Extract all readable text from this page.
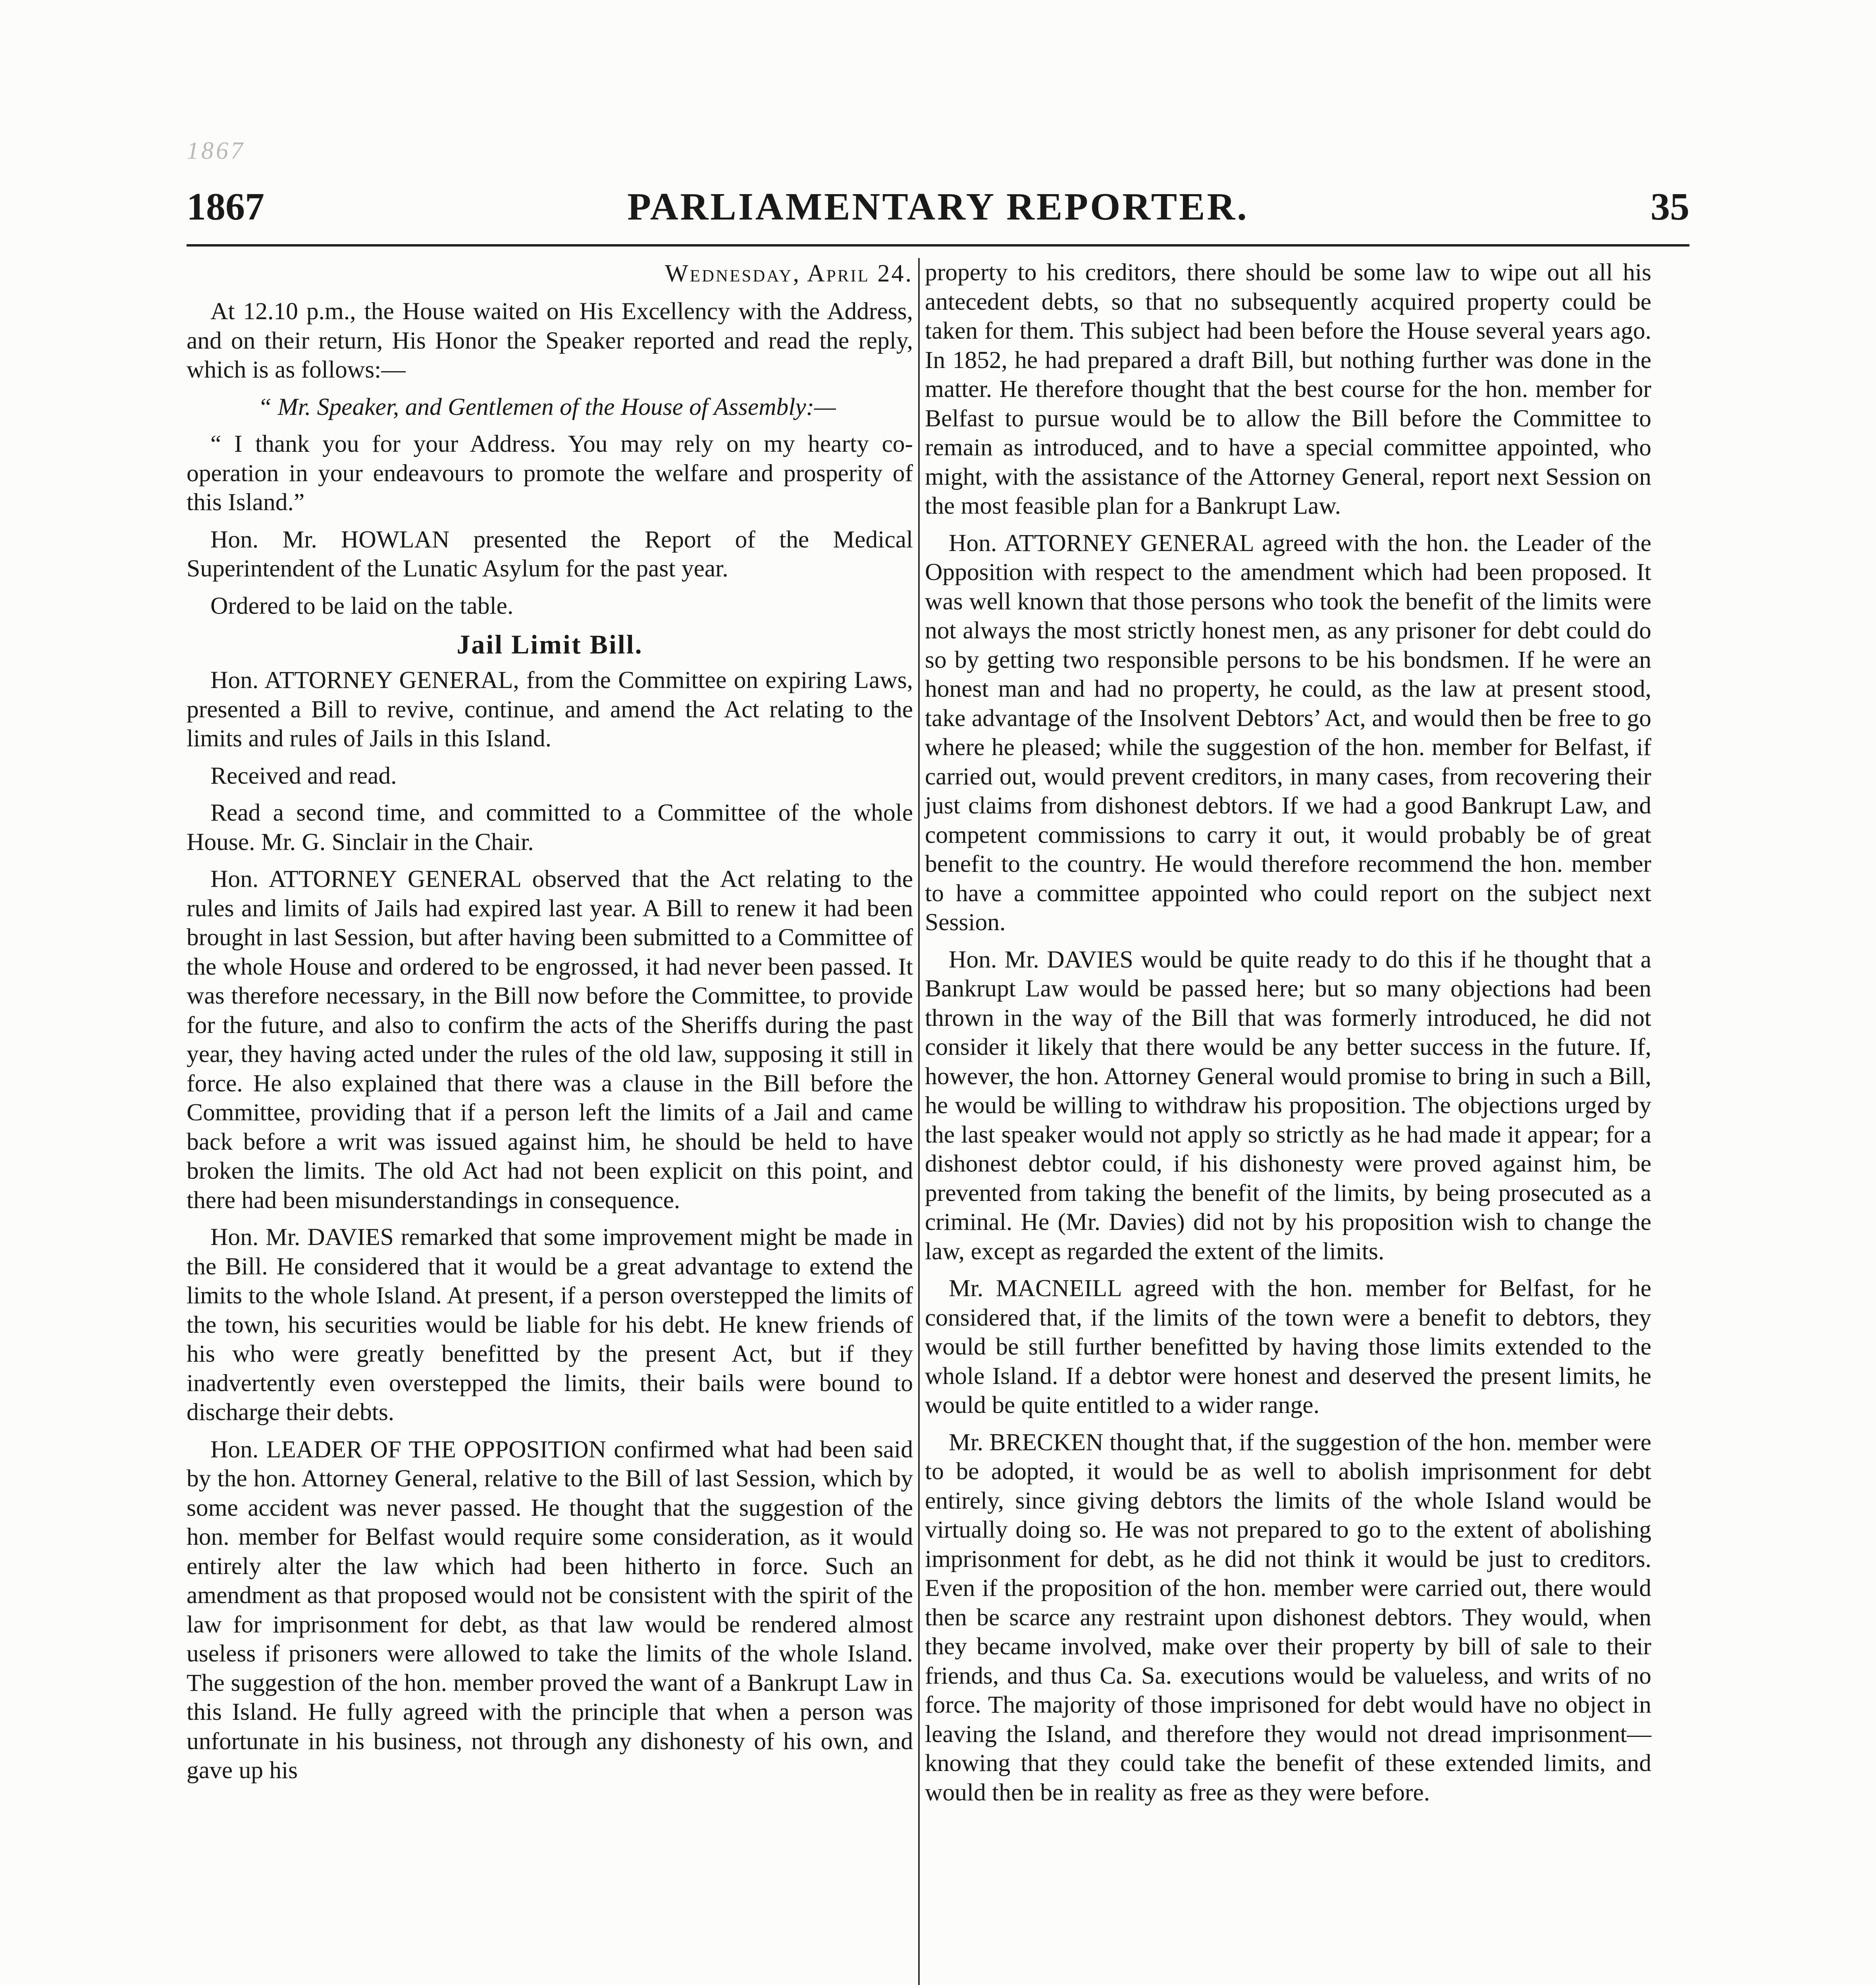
1867
1867	PARLIAMENTARY REPORTER.	35

Wednesday, April 24.

At 12.10 p.m., the House waited on His Excellency with the Address, and on their return, His Honor the Speaker reported and read the reply, which is as follows:—

“ Mr. Speaker, and Gentlemen of the House of Assembly:—

“ I thank you for your Address. You may rely on my hearty co-operation in your endeavours to promote the welfare and prosperity of this Island.”

Hon. Mr. HOWLAN presented the Report of the Medical Superintendent of the Lunatic Asylum for the past year.

Ordered to be laid on the table.

Jail Limit Bill.

Hon. ATTORNEY GENERAL, from the Committee on expiring Laws, presented a Bill to revive, continue, and amend the Act relating to the limits and rules of Jails in this Island.

Received and read.

Read a second time, and committed to a Committee of the whole House. Mr. G. Sinclair in the Chair.

Hon. ATTORNEY GENERAL observed that the Act relating to the rules and limits of Jails had expired last year. A Bill to renew it had been brought in last Session, but after having been submitted to a Committee of the whole House and ordered to be engrossed, it had never been passed. It was therefore necessary, in the Bill now before the Committee, to provide for the future, and also to confirm the acts of the Sheriffs during the past year, they having acted under the rules of the old law, supposing it still in force. He also explained that there was a clause in the Bill before the Committee, providing that if a person left the limits of a Jail and came back before a writ was issued against him, he should be held to have broken the limits. The old Act had not been explicit on this point, and there had been misunderstandings in consequence.

Hon. Mr. DAVIES remarked that some improvement might be made in the Bill. He considered that it would be a great advantage to extend the limits to the whole Island. At present, if a person overstepped the limits of the town, his securities would be liable for his debt. He knew friends of his who were greatly benefitted by the present Act, but if they inadvertently even overstepped the limits, their bails were bound to discharge their debts.

Hon. LEADER OF THE OPPOSITION confirmed what had been said by the hon. Attorney General, relative to the Bill of last Session, which by some accident was never passed. He thought that the suggestion of the hon. member for Belfast would require some consideration, as it would entirely alter the law which had been hitherto in force. Such an amendment as that proposed would not be consistent with the spirit of the law for imprisonment for debt, as that law would be rendered almost useless if prisoners were allowed to take the limits of the whole Island. The suggestion of the hon. member proved the want of a Bankrupt Law in this Island. He fully agreed with the principle that when a person was unfortunate in his business, not through any dishonesty of his own, and gave up his

property to his creditors, there should be some law to wipe out all his antecedent debts, so that no subsequently acquired property could be taken for them. This subject had been before the House several years ago. In 1852, he had prepared a draft Bill, but nothing further was done in the matter. He therefore thought that the best course for the hon. member for Belfast to pursue would be to allow the Bill before the Committee to remain as introduced, and to have a special committee appointed, who might, with the assistance of the Attorney General, report next Session on the most feasible plan for a Bankrupt Law.

Hon. ATTORNEY GENERAL agreed with the hon. the Leader of the Opposition with respect to the amendment which had been proposed. It was well known that those persons who took the benefit of the limits were not always the most strictly honest men, as any prisoner for debt could do so by getting two responsible persons to be his bondsmen. If he were an honest man and had no property, he could, as the law at present stood, take advantage of the Insolvent Debtors’ Act, and would then be free to go where he pleased; while the suggestion of the hon. member for Belfast, if carried out, would prevent creditors, in many cases, from recovering their just claims from dishonest debtors. If we had a good Bankrupt Law, and competent commissions to carry it out, it would probably be of great benefit to the country. He would therefore recommend the hon. member to have a committee appointed who could report on the subject next Session.

Hon. Mr. DAVIES would be quite ready to do this if he thought that a Bankrupt Law would be passed here; but so many objections had been thrown in the way of the Bill that was formerly introduced, he did not consider it likely that there would be any better success in the future. If, however, the hon. Attorney General would promise to bring in such a Bill, he would be willing to withdraw his proposition. The objections urged by the last speaker would not apply so strictly as he had made it appear; for a dishonest debtor could, if his dishonesty were proved against him, be prevented from taking the benefit of the limits, by being prosecuted as a criminal. He (Mr. Davies) did not by his proposition wish to change the law, except as regarded the extent of the limits.

Mr. MACNEILL agreed with the hon. member for Belfast, for he considered that, if the limits of the town were a benefit to debtors, they would be still further benefitted by having those limits extended to the whole Island. If a debtor were honest and deserved the present limits, he would be quite entitled to a wider range.

Mr. BRECKEN thought that, if the suggestion of the hon. member were to be adopted, it would be as well to abolish imprisonment for debt entirely, since giving debtors the limits of the whole Island would be virtually doing so. He was not prepared to go to the extent of abolishing imprisonment for debt, as he did not think it would be just to creditors. Even if the proposition of the hon. member were carried out, there would then be scarce any restraint upon dishonest debtors. They would, when they became involved, make over their property by bill of sale to their friends, and thus Ca. Sa. executions would be valueless, and writs of no force. The majority of those imprisoned for debt would have no object in leaving the Island, and therefore they would not dread imprisonment—knowing that they could take the benefit of these extended limits, and would then be in reality as free as they were before.
